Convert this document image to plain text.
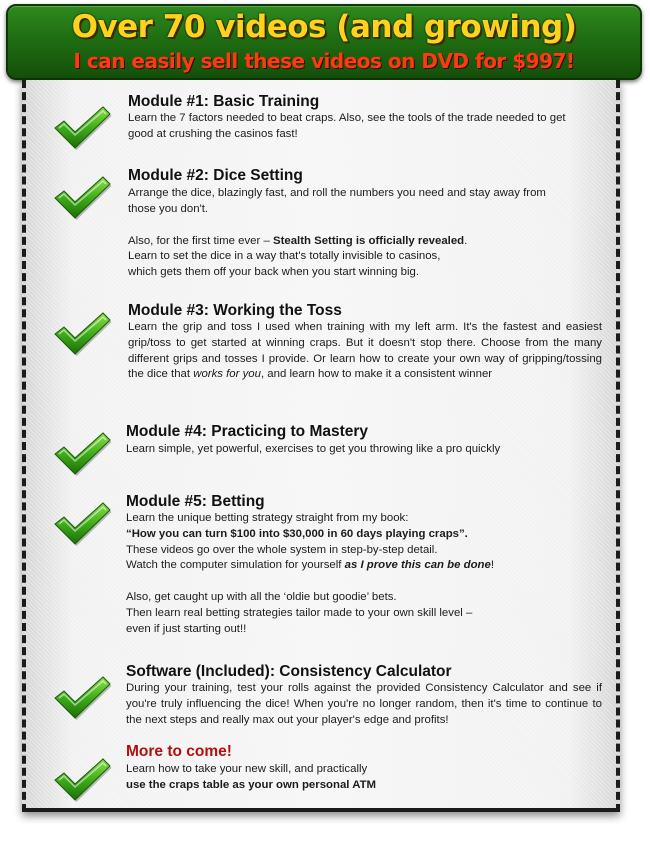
Over 70 videos (and growing)
I can easily sell these videos on DVD for $997!
Module #1: Basic Training

Learn the 7 factors needed to beat craps. Also, see the tools of the trade needed to get

good at crushing the casinos fast!

Module #2: Dice Setting

Arrange the dice, blazingly fast, and roll the numbers you need and stay away from

those you don't.

Also, for the first time ever – Stealth Setting is officially revealed.

Learn to set the dice in a way that's totally invisible to casinos,

which gets them off your back when you start winning big.

Module #3: Working the Toss

Learn the grip and toss I used when training with my left arm. It's the fastest and easiest grip/toss to get started at winning craps. But it doesn't stop there. Choose from the many different grips and tosses I provide. Or learn how to create your own way of gripping/tossing the dice that works for you, and learn how to make it a consistent winner

Module #4: Practicing to Mastery

Learn simple, yet powerful, exercises to get you throwing like a pro quickly

Module #5: Betting

Learn the unique betting strategy straight from my book:

“How you can turn $100 into $30,000 in 60 days playing craps”.

These videos go over the whole system in step-by-step detail.

Watch the computer simulation for yourself as I prove this can be done!

Also, get caught up with all the ‘oldie but goodie’ bets.

Then learn real betting strategies tailor made to your own skill level –

even if just starting out!!

Software (Included): Consistency Calculator

During your training, test your rolls against the provided Consistency Calculator and see if you're truly influencing the dice! When you're no longer random, then it's time to continue to the next steps and really max out your player's edge and profits!

More to come!

Learn how to take your new skill, and practically

use the craps table as your own personal ATM
